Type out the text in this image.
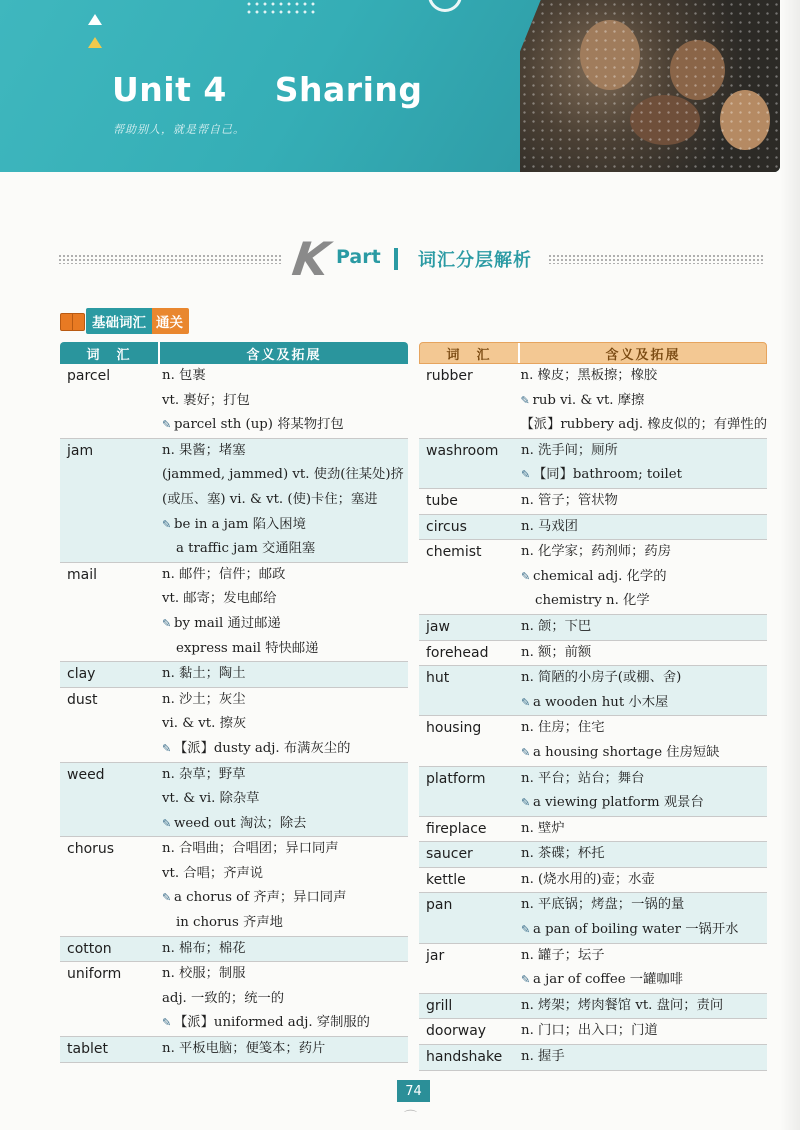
Unit 4    Sharing
帮助别人，就是帮自己。
K Part 词汇分层解析
基础词汇 通关
词　汇	含义及拓展
parcel	n. 包裹
vt. 裹好；打包
✎ parcel sth (up) 将某物打包
jam	n. 果酱；堵塞
(jammed, jammed) vt. 使劲(往某处)挤
(或压、塞) vi. & vt. (使)卡住；塞进
✎ be in a jam 陷入困境
a traffic jam 交通阻塞
mail	n. 邮件；信件；邮政
vt. 邮寄；发电邮给
✎ by mail 通过邮递
express mail 特快邮递
clay	n. 黏土；陶土
dust	n. 沙土；灰尘
vi. & vt. 擦灰
✎ 【派】dusty adj. 布满灰尘的
weed	n. 杂草；野草
vt. & vi. 除杂草
✎ weed out 淘汰；除去
chorus	n. 合唱曲；合唱团；异口同声
vt. 合唱；齐声说
✎ a chorus of 齐声；异口同声
in chorus 齐声地
cotton	n. 棉布；棉花
uniform	n. 校服；制服
adj. 一致的；统一的
✎ 【派】uniformed adj. 穿制服的
tablet	n. 平板电脑；便笺本；药片
词　汇	含义及拓展
rubber	n. 橡皮；黑板擦；橡胶
✎ rub vi. & vt. 摩擦
【派】rubbery adj. 橡皮似的；有弹性的
washroom	n. 洗手间；厕所
✎ 【同】bathroom; toilet
tube	n. 管子；管状物
circus	n. 马戏团
chemist	n. 化学家；药剂师；药房
✎ chemical adj. 化学的
chemistry n. 化学
jaw	n. 颌；下巴
forehead	n. 额；前额
hut	n. 简陋的小房子(或棚、舍)
✎ a wooden hut 小木屋
housing	n. 住房；住宅
✎ a housing shortage 住房短缺
platform	n. 平台；站台；舞台
✎ a viewing platform 观景台
fireplace	n. 壁炉
saucer	n. 茶碟；杯托
kettle	n. (烧水用的)壶；水壶
pan	n. 平底锅；烤盘；一锅的量
✎ a pan of boiling water 一锅开水
jar	n. 罐子；坛子
✎ a jar of coffee 一罐咖啡
grill	n. 烤架；烤肉餐馆 vt. 盘问；责问
doorway	n. 门口；出入口；门道
handshake	n. 握手
74
⌒
